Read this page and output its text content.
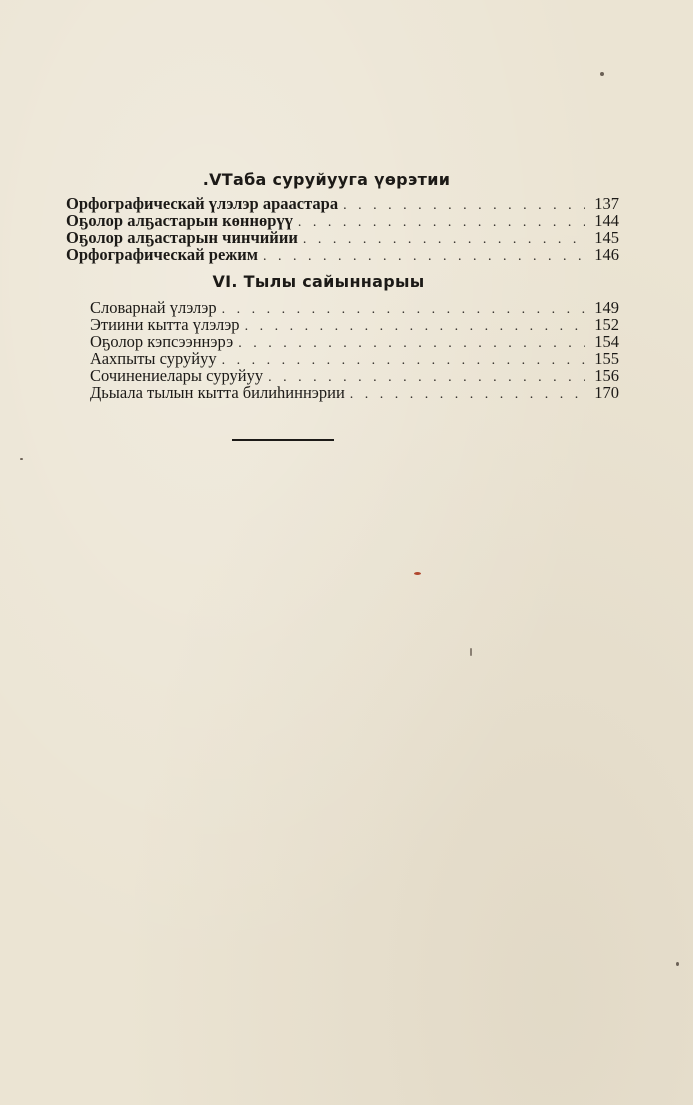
.VТаба суруйууга үөрэтии
Орфографическай үлэлэр араастара . . .	137
Оҕолор алҕастарын көннөрүү . . .	144
Оҕолор алҕастарын чинчийии . . .	145
Орфографическай режим . . .	146
VI. Тылы сайыннарыы
Словарнай үлэлэр . . .	149
Этиини кытта үлэлэр . . .	152
Оҕолор кэпсээннэрэ . . .	154
Аахпыты суруйуу . . .	155
Сочинениелары суруйуу . . .	156
Дьыала тылын кытта билиһиннэрии . . .	170
